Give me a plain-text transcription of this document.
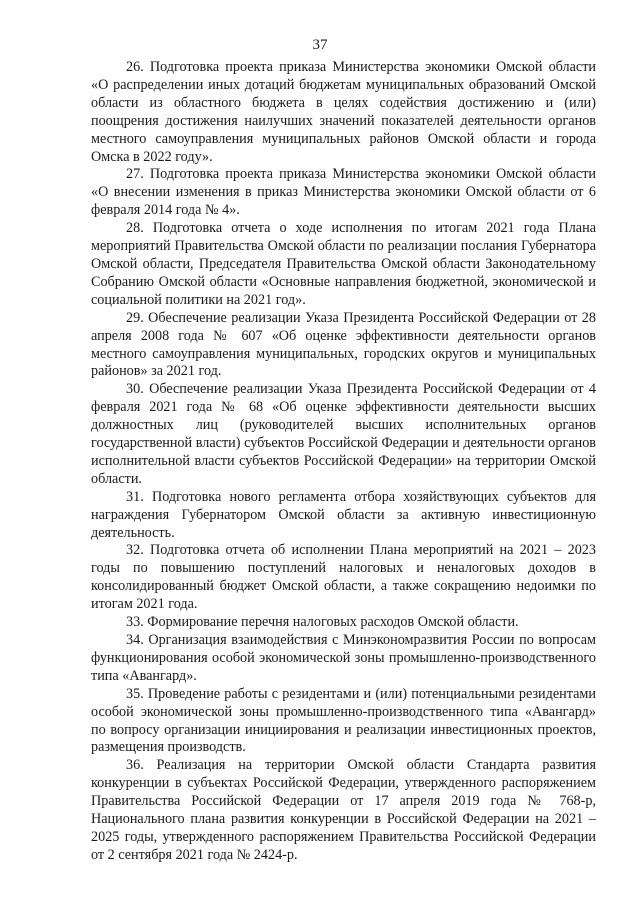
37

26. Подготовка проекта приказа Министерства экономики Омской области «О распределении иных дотаций бюджетам муниципальных образований Омской области из областного бюджета в целях содействия достижению и (или) поощрения достижения наилучших значений показателей деятельности органов местного самоуправления муниципальных районов Омской области и города Омска в 2022 году».

27. Подготовка проекта приказа Министерства экономики Омской области «О внесении изменения в приказ Министерства экономики Омской области от 6 февраля 2014 года № 4».

28. Подготовка отчета о ходе исполнения по итогам 2021 года Плана мероприятий Правительства Омской области по реализации послания Губернатора Омской области, Председателя Правительства Омской области Законодательному Собранию Омской области «Основные направления бюджетной, экономической и социальной политики на 2021 год».

29. Обеспечение реализации Указа Президента Российской Федерации от 28 апреля 2008 года № 607 «Об оценке эффективности деятельности органов местного самоуправления муниципальных, городских округов и муниципальных районов» за 2021 год.

30. Обеспечение реализации Указа Президента Российской Федерации от 4 февраля 2021 года № 68 «Об оценке эффективности деятельности высших должностных лиц (руководителей высших исполнительных органов государственной власти) субъектов Российской Федерации и деятельности органов исполнительной власти субъектов Российской Федерации» на территории Омской области.

31. Подготовка нового регламента отбора хозяйствующих субъектов для награждения Губернатором Омской области за активную инвестиционную деятельность.

32. Подготовка отчета об исполнении Плана мероприятий на 2021 – 2023 годы по повышению поступлений налоговых и неналоговых доходов в консолидированный бюджет Омской области, а также сокращению недоимки по итогам 2021 года.

33. Формирование перечня налоговых расходов Омской области.

34. Организация взаимодействия с Минэкономразвития России по вопросам функционирования особой экономической зоны промышленно-производственного типа «Авангард».

35. Проведение работы с резидентами и (или) потенциальными резидентами особой экономической зоны промышленно-производственного типа «Авангард» по вопросу организации инициирования и реализации инвестиционных проектов, размещения производств.

36. Реализация на территории Омской области Стандарта развития конкуренции в субъектах Российской Федерации, утвержденного распоряжением Правительства Российской Федерации от 17 апреля 2019 года № 768-р, Национального плана развития конкуренции в Российской Федерации на 2021 – 2025 годы, утвержденного распоряжением Правительства Российской Федерации от 2 сентября 2021 года № 2424-р.
